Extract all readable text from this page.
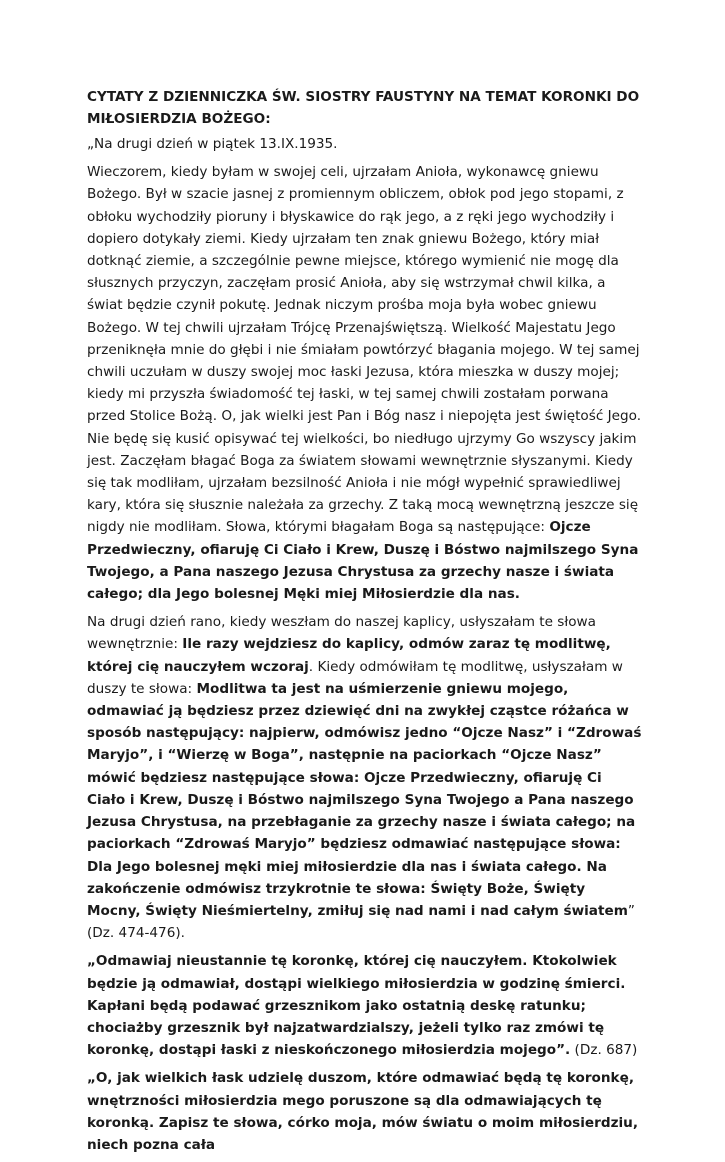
CYTATY Z DZIENNICZKA ŚW. SIOSTRY FAUSTYNY NA TEMAT KORONKI DO MIŁOSIERDZIA BOŻEGO:

„Na drugi dzień w piątek 13.IX.1935.

Wieczorem, kiedy byłam w swojej celi, ujrzałam Anioła, wykonawcę gniewu Bożego. Był w szacie jasnej z promiennym obliczem, obłok pod jego stopami, z obłoku wychodziły pioruny i błyskawice do rąk jego, a z ręki jego wychodziły i dopiero dotykały ziemi. Kiedy ujrzałam ten znak gniewu Bożego, który miał dotknąć ziemie, a szczególnie pewne miejsce, którego wymienić nie mogę dla słusznych przyczyn, zaczęłam prosić Anioła, aby się wstrzymał chwil kilka, a świat będzie czynił pokutę. Jednak niczym prośba moja była wobec gniewu Bożego. W tej chwili ujrzałam Trójcę Przenajświętszą. Wielkość Majestatu Jego przeniknęła mnie do głębi i nie śmiałam powtórzyć błagania mojego. W tej samej chwili uczułam w duszy swojej moc łaski Jezusa, która mieszka w duszy mojej; kiedy mi przyszła świadomość tej łaski, w tej samej chwili zostałam porwana przed Stolice Bożą. O, jak wielki jest Pan i Bóg nasz i niepojęta jest świętość Jego. Nie będę się kusić opisywać tej wielkości, bo niedługo ujrzymy Go wszyscy jakim jest. Zaczęłam błagać Boga za światem słowami wewnętrznie słyszanymi. Kiedy się tak modliłam, ujrzałam bezsilność Anioła i nie mógł wypełnić sprawiedliwej kary, która się słusznie należała za grzechy. Z taką mocą wewnętrzną jeszcze się nigdy nie modliłam. Słowa, którymi błagałam Boga są następujące: Ojcze Przedwieczny, ofiaruję Ci Ciało i Krew, Duszę i Bóstwo najmilszego Syna Twojego, a Pana naszego Jezusa Chrystusa za grzechy nasze i świata całego; dla Jego bolesnej Męki miej Miłosierdzie dla nas.

Na drugi dzień rano, kiedy weszłam do naszej kaplicy, usłyszałam te słowa wewnętrznie: Ile razy wejdziesz do kaplicy, odmów zaraz tę modlitwę, której cię nauczyłem wczoraj. Kiedy odmówiłam tę modlitwę, usłyszałam w duszy te słowa: Modlitwa ta jest na uśmierzenie gniewu mojego, odmawiać ją będziesz przez dziewięć dni na zwykłej cząstce różańca w sposób następujący: najpierw, odmówisz jedno “Ojcze Nasz” i “Zdrowaś Maryjo”, i “Wierzę w Boga”, następnie na paciorkach “Ojcze Nasz” mówić będziesz następujące słowa: Ojcze Przedwieczny, ofiaruję Ci Ciało i Krew, Duszę i Bóstwo najmilszego Syna Twojego a Pana naszego Jezusa Chrystusa, na przebłaganie za grzechy nasze i świata całego; na paciorkach “Zdrowaś Maryjo” będziesz odmawiać następujące słowa: Dla Jego bolesnej męki miej miłosierdzie dla nas i świata całego. Na zakończenie odmówisz trzykrotnie te słowa: Święty Boże, Święty Mocny, Święty Nieśmiertelny, zmiłuj się nad nami i nad całym światem” (Dz. 474-476).

„Odmawiaj nieustannie tę koronkę, której cię nauczyłem. Ktokolwiek będzie ją odmawiał, dostąpi wielkiego miłosierdzia w godzinę śmierci. Kapłani będą podawać grzesznikom jako ostatnią deskę ratunku; chociażby grzesznik był najzatwardzialszy, jeżeli tylko raz zmówi tę koronkę, dostąpi łaski z nieskończonego miłosierdzia mojego”. (Dz. 687)

„O, jak wielkich łask udzielę duszom, które odmawiać będą tę koronkę, wnętrzności miłosierdzia mego poruszone są dla odmawiających tę koronką. Zapisz te słowa, córko moja, mów światu o moim miłosierdziu, niech pozna cała
